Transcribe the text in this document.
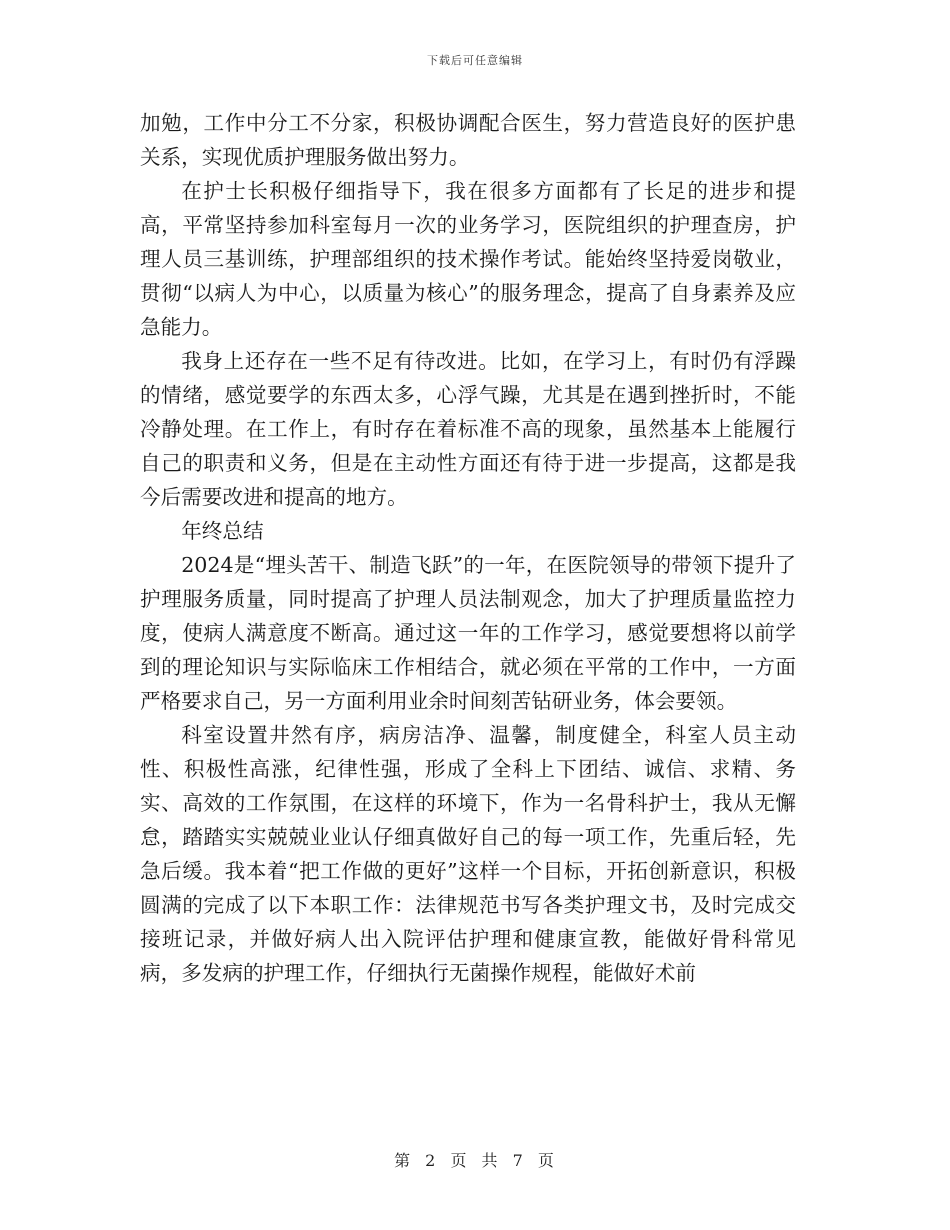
下载后可任意编辑

加勉，工作中分工不分家，积极协调配合医生，努力营造良好的医护患关系，实现优质护理服务做出努力。

在护士长积极仔细指导下，我在很多方面都有了长足的进步和提高，平常坚持参加科室每月一次的业务学习，医院组织的护理查房，护理人员三基训练，护理部组织的技术操作考试。能始终坚持爱岗敬业，贯彻“以病人为中心，以质量为核心”的服务理念，提高了自身素养及应急能力。

我身上还存在一些不足有待改进。比如，在学习上，有时仍有浮躁的情绪，感觉要学的东西太多，心浮气躁，尤其是在遇到挫折时，不能冷静处理。在工作上，有时存在着标准不高的现象，虽然基本上能履行自己的职责和义务，但是在主动性方面还有待于进一步提高，这都是我今后需要改进和提高的地方。

年终总结

2024是“埋头苦干、制造飞跃”的一年，在医院领导的带领下提升了护理服务质量，同时提高了护理人员法制观念，加大了护理质量监控力度，使病人满意度不断高。通过这一年的工作学习，感觉要想将以前学到的理论知识与实际临床工作相结合，就必须在平常的工作中，一方面严格要求自己，另一方面利用业余时间刻苦钻研业务，体会要领。

科室设置井然有序，病房洁净、温馨，制度健全，科室人员主动性、积极性高涨，纪律性强，形成了全科上下团结、诚信、求精、务实、高效的工作氛围，在这样的环境下，作为一名骨科护士，我从无懈怠，踏踏实实兢兢业业认仔细真做好自己的每一项工作，先重后轻，先急后缓。我本着“把工作做的更好”这样一个目标，开拓创新意识，积极圆满的完成了以下本职工作：法律规范书写各类护理文书，及时完成交接班记录，并做好病人出入院评估护理和健康宣教，能做好骨科常见病，多发病的护理工作，仔细执行无菌操作规程，能做好术前

第 2 页 共 7 页
